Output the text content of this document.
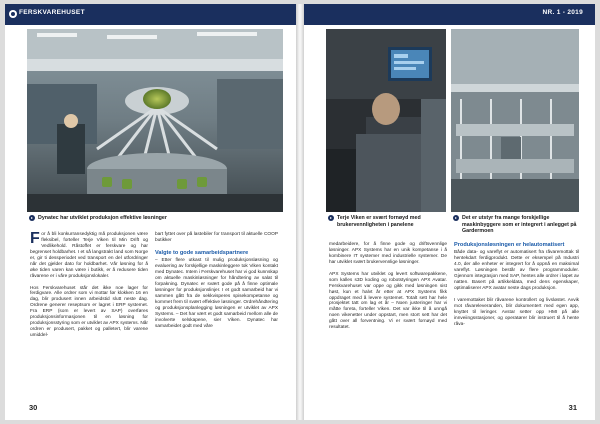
FERSKVAREHUSET
Dynatec har utviklet produksjon effektive løsninger

For å bli konkurransedyktig må produksjonen være fleksibel, forteller Terje Viken til Min Drift og Vedlikehold. Råstoffet er ferskvare og har begrenset holdbarhet. I et så langstrakt land som Norge er, gir ti dessperiodet ved transport en del utfordringer når det gjelder dato for holdbarhet. Vår løsning for å øke tiden varen kan være i butikk, er å redusere tiden råvarene er i våre produksjonslokaler.

Hos Ferskvarehuset står det ikke noe lager for ferdigvare. Alle ordrer som vi mottar før klokken 16 en dag, blir produsert innen arbeidstid slutt neste dag. Ordrene generer reseptsom er lagret i ERP systemet. Fra ERP (som er levert av SAP) overføres produksjonsinformasjonen til en løsning for produksjonsstyring som er utviklet av APX systems. Når ordren er produsert, pakket og palletert, blir varene umiddel-

bart fyttet over på lastebiler for transport til aktuelle COOP butikker

Valgte to gode samarbeidspartnere

– Etter flere utkast til mulig produksjonsløsning og evaluering av forskjellige maskinleggere tok Viken kontakt med Dynatec. Intem i Ferskvarehuset har vi god kunnskap om aktuelle maskinløsninger for håndtering av salat til forpakning. Dynatec er svært gode på å finne optimale løsninger for produksjonslinjer. I et godt samarbeid har vi sammen gått fra de sekkvisperes spisekompetanse og kommet frem til svært effektive løsninger. Ordrehåndtering og produksjonsplanlegging løsningen er utviklet av APX Systems. – Det har vært et godt samarbeid mellom alle de involverte selskapene, sier Viken. Dynatec har samarbeidet godt med våre

30
NR. 1 - 2019
Terje Viken er svært fornøyd med brukervennligheten i panelene
Det er utstyr fra mange forskjellige maskinbyggere som er integrert i anlegget på Gardermoen

medarbeidere, for å finne gode og driftsvennlige løsninger. APX Systems har en unik kompetanse i å kombinere IT systemer med industrielle systemer. De har utviklet svært brukervennlige løsninger.

APX Systems har utviklet og levert softwarepakkene, som kalles s3D koding og robotstyringen APX Avatar. Ferskvarehuset var oppe og gikk med løsningen sist høst, kun et halvt år etter at APX Systems fikk oppdraget med å levere systemet. Totalt sett har hele prosjektet tatt om lag et år – Noen justeringer har vi måtte foreta, forteller Viken. Det var ikke til å unngå noen vikenetter under oppstart, men stort sett har det gått over all forventning. Vi er svært fornøyd med resultatet.

Produksjonsløsningen er helautomatisert

Både data- og vareflyt er automatisert fra råvaremottak til hentekdart ferdigprodukt. Dette er eksempel på Industri 4.0, der alle enheter er integrert for å oppnå en maksimal vareflyt. Løsningen består av flere programmoduler. Gjennom integrasjon med SAP, hentes alle ordrer i løpet av natten. Basert på artikkeldata, med dens egenskaper, optimaliserer APX avatar neste dags produksjon.

I varemottaket blir råvarene kontrollert og livsløstet. Avvik mot råvareleveranden, blir dokumentert med egen app, knyttet til leringer. Avstar setter opp HMI på alle innveiingsstasjoner, og operatører blir instruert til å hente råva-

31
